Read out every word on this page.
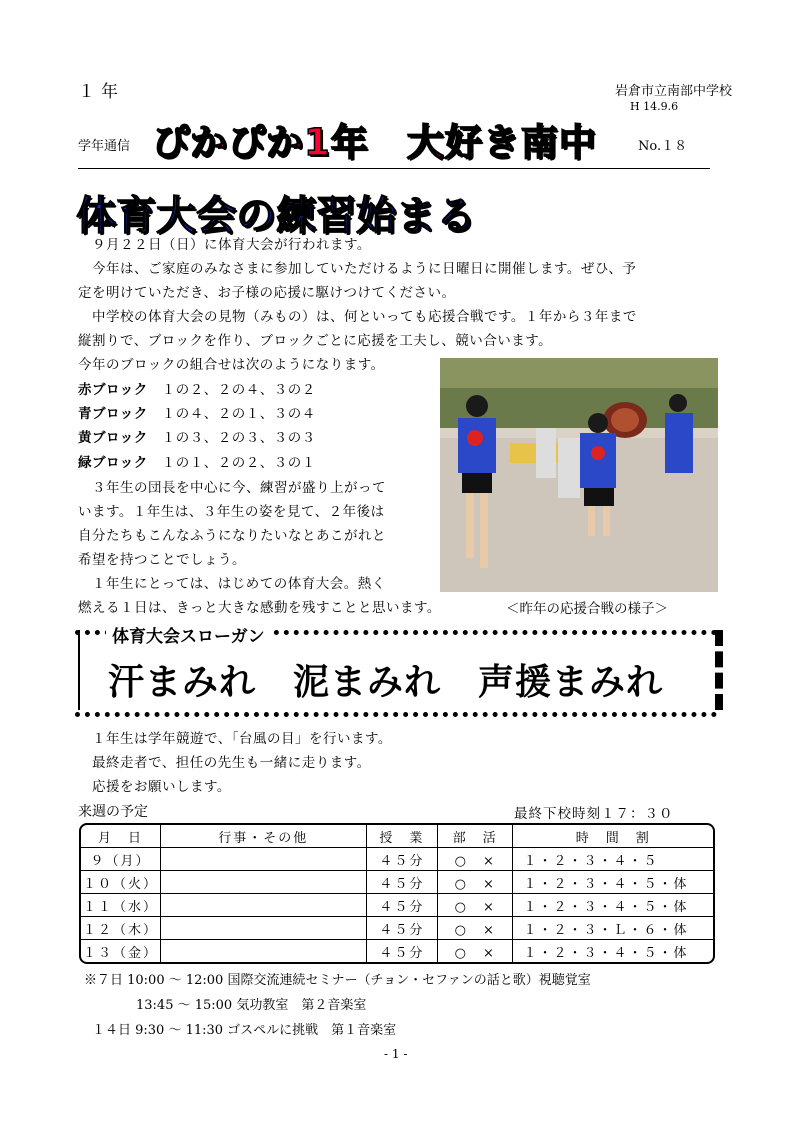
１年	岩倉市立南部中学校
H 14.9.6
学年通信 ぴかぴか1年　大好き南中	No.１８
体育大会の練習始まる
９月２２日（日）に体育大会が行われます。
今年は、ご家庭のみなさまに参加していただけるように日曜日に開催します。ぜひ、予
定を明けていただき、お子様の応援に駆けつけてください。
中学校の体育大会の見物（みもの）は、何といっても応援合戦です。１年から３年まで
縦割りで、ブロックを作り、ブロックごとに応援を工夫し、競い合います。
今年のブロックの組合せは次のようになります。
赤ブロック　 １の２、２の４、３の２
青ブロック　 １の４、２の１、３の４
黄ブロック　 １の３、２の３、３の３
緑ブロック　 １の１、２の２、３の１
３年生の団長を中心に今、練習が盛り上がって
います。１年生は、３年生の姿を見て、２年後は
自分たちもこんなふうになりたいなとあこがれと
希望を持つことでしょう。
１年生にとっては、はじめての体育大会。熱く
燃える１日は、きっと大きな感動を残すことと思います。	＜昨年の応援合戦の様子＞
体育大会スローガン
汗まみれ　泥まみれ　声援まみれ
１年生は学年競遊で、「台風の目」を行います。
最終走者で、担任の先生も一緒に走ります。
応援をお願いします。
来週の予定	最終下校時刻１７：３０
月　日	行事・その他	授　業	部　活	時　間　割
９（月）		４５分	○　×	１・２・３・４・５
１０（火）		４５分	○　×	１・２・３・４・５・体
１１（水）		４５分	○　×	１・２・３・４・５・体
１２（木）		４５分	○　×	１・２・３・Ｌ・６・体
１３（金）		４５分	○　×	１・２・３・４・５・体
※７日 10:00 ～ 12:00 国際交流連続セミナー（チョン・セファンの話と歌）視聴覚室
13:45 ～ 15:00 気功教室　第２音楽室
１４日 9:30 ～ 11:30 ゴスペルに挑戦　第１音楽室
- 1 -
